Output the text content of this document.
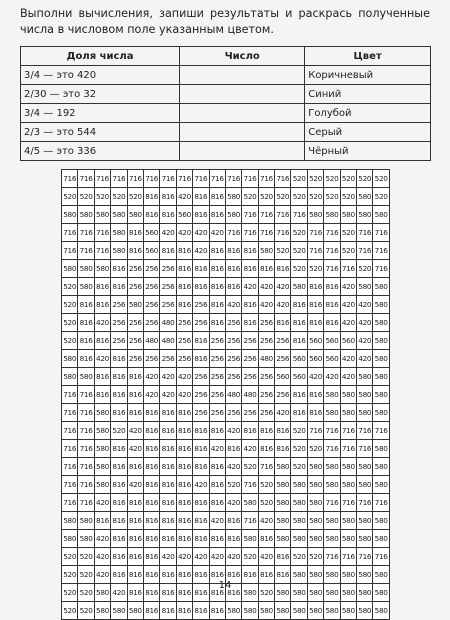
Выполни вычисления, запиши результаты и раскрась полученные числа в числовом поле указанным цветом.
Доля числа	Число	Цвет
3/4 — это 420		Коричневый
2/30 — это 32		Синий
3/4 — 192		Голубой
2/3 — это 544		Серый
4/5 — это 336		Чёрный
716	716	716	716	716	716	716	716	716	716	716	716	716	716	520	520	520	520	520	520
520	520	520	520	520	816	816	420	816	816	580	520	520	520	520	520	520	520	580	520
580	580	580	580	580	816	816	560	816	816	580	716	716	716	716	580	580	580	580	580
716	716	716	580	816	560	420	420	420	420	716	716	716	716	520	716	716	520	716	716
716	716	716	580	816	560	816	816	420	816	816	816	580	520	520	716	716	520	716	716
580	580	580	816	256	256	256	816	816	816	816	816	816	816	520	520	716	716	520	716
520	580	816	816	256	256	256	816	816	816	816	420	420	420	580	816	816	420	580	580
520	816	816	256	580	256	256	816	256	816	420	816	420	420	816	816	816	420	420	580
520	816	420	256	256	256	480	256	256	816	256	816	256	816	816	816	816	420	420	580
520	816	816	256	256	480	480	256	816	256	256	256	256	256	816	560	560	560	420	580
580	816	420	816	256	256	256	256	816	256	256	256	480	256	560	560	560	420	420	580
580	580	816	816	816	420	420	420	256	256	256	256	256	560	560	420	420	420	580	580
716	716	816	816	816	420	420	420	256	256	480	480	256	256	816	816	580	580	580	580
716	716	580	816	816	816	816	816	256	256	256	256	256	420	816	816	580	580	580	580
716	716	580	520	420	816	816	816	816	816	420	816	816	816	520	716	716	716	716	716
716	716	580	816	420	816	816	816	816	420	816	420	816	816	520	520	716	716	716	580
716	716	580	816	816	816	816	816	816	816	420	520	716	580	520	580	580	580	580	580
716	716	580	816	420	816	816	816	420	816	520	716	520	580	580	580	580	580	580	580
716	716	420	816	816	816	816	816	816	816	420	580	520	580	580	580	716	716	716	716
580	580	816	816	816	816	816	816	816	420	816	716	420	580	580	580	580	580	580	580
580	580	420	816	816	816	816	816	816	816	816	580	816	580	580	580	580	580	580	580
520	520	420	816	816	816	420	420	420	420	420	520	420	816	520	520	716	716	716	716
520	520	420	816	816	816	816	816	816	816	816	816	816	816	580	580	580	580	580	580
520	520	580	420	816	816	816	816	816	816	816	580	520	580	580	580	580	580	580	580
520	520	580	580	580	816	816	816	816	816	580	580	580	580	580	580	580	580	580	580
14
